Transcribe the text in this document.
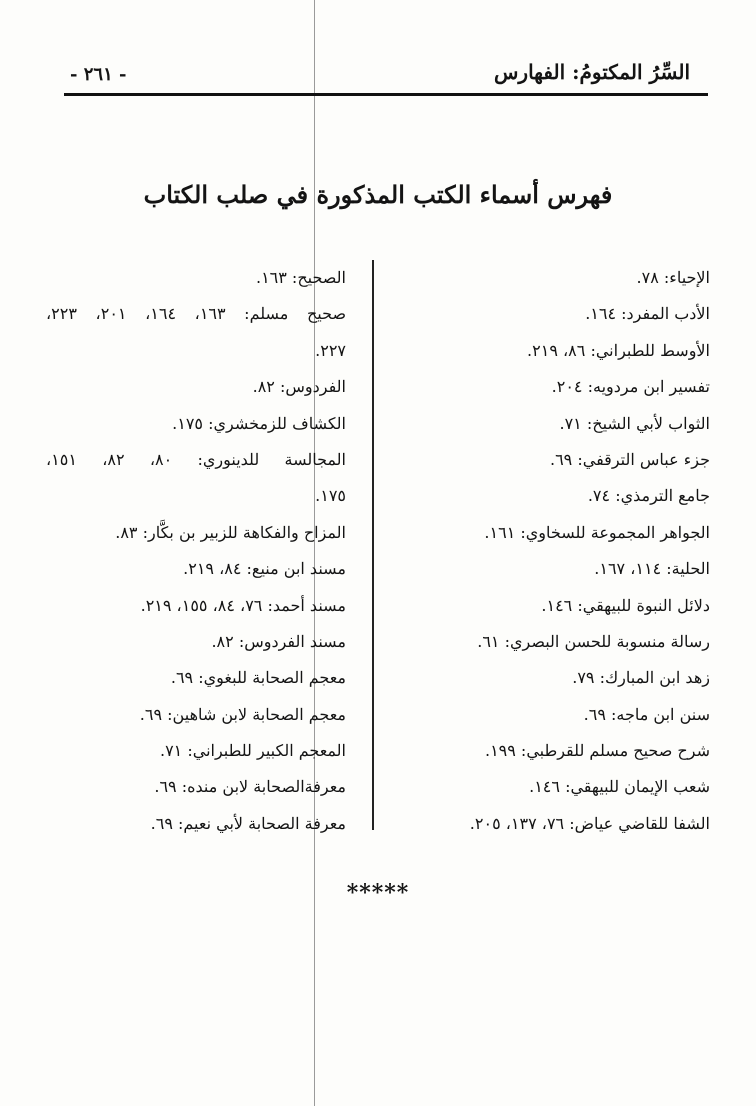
السِّرُ المكتومُ: الفهارس
- ٢٦١ -
فهرس أسماء الكتب المذكورة في صلب الكتاب
الإحياء: ٧٨.
الأدب المفرد: ١٦٤.
الأوسط للطبراني: ٨٦، ٢١٩.
تفسير ابن مردويه: ٢٠٤.
الثواب لأبي الشيخ: ٧١.
جزء عباس الترقفي: ٦٩.
جامع الترمذي: ٧٤.
الجواهر المجموعة للسخاوي: ١٦١.
الحلية: ١١٤، ١٦٧.
دلائل النبوة للبيهقي: ١٤٦.
رسالة منسوبة للحسن البصري: ٦١.
زهد ابن المبارك: ٧٩.
سنن ابن ماجه: ٦٩.
شرح صحيح مسلم للقرطبي: ١٩٩.
شعب الإيمان للبيهقي: ١٤٦.
الشفا للقاضي عياض: ٧٦، ١٣٧، ٢٠٥.
الصحيح: ١٦٣.
صحيح مسلم: ١٦٣، ١٦٤، ٢٠١، ٢٢٣،
٢٢٧.
الفردوس: ٨٢.
الكشاف للزمخشري: ١٧٥.
المجالسة للدينوري: ٨٠، ٨٢، ١٥١،
١٧٥.
المزاح والفكاهة للزبير بن بكَّار: ٨٣.
مسند ابن منيع: ٨٤، ٢١٩.
مسند أحمد: ٧٦، ٨٤، ١٥٥، ٢١٩.
مسند الفردوس: ٨٢.
معجم الصحابة للبغوي: ٦٩.
معجم الصحابة لابن شاهين: ٦٩.
المعجم الكبير للطبراني: ٧١.
معرفةالصحابة لابن منده: ٦٩.
معرفة الصحابة لأبي نعيم: ٦٩.
*****
